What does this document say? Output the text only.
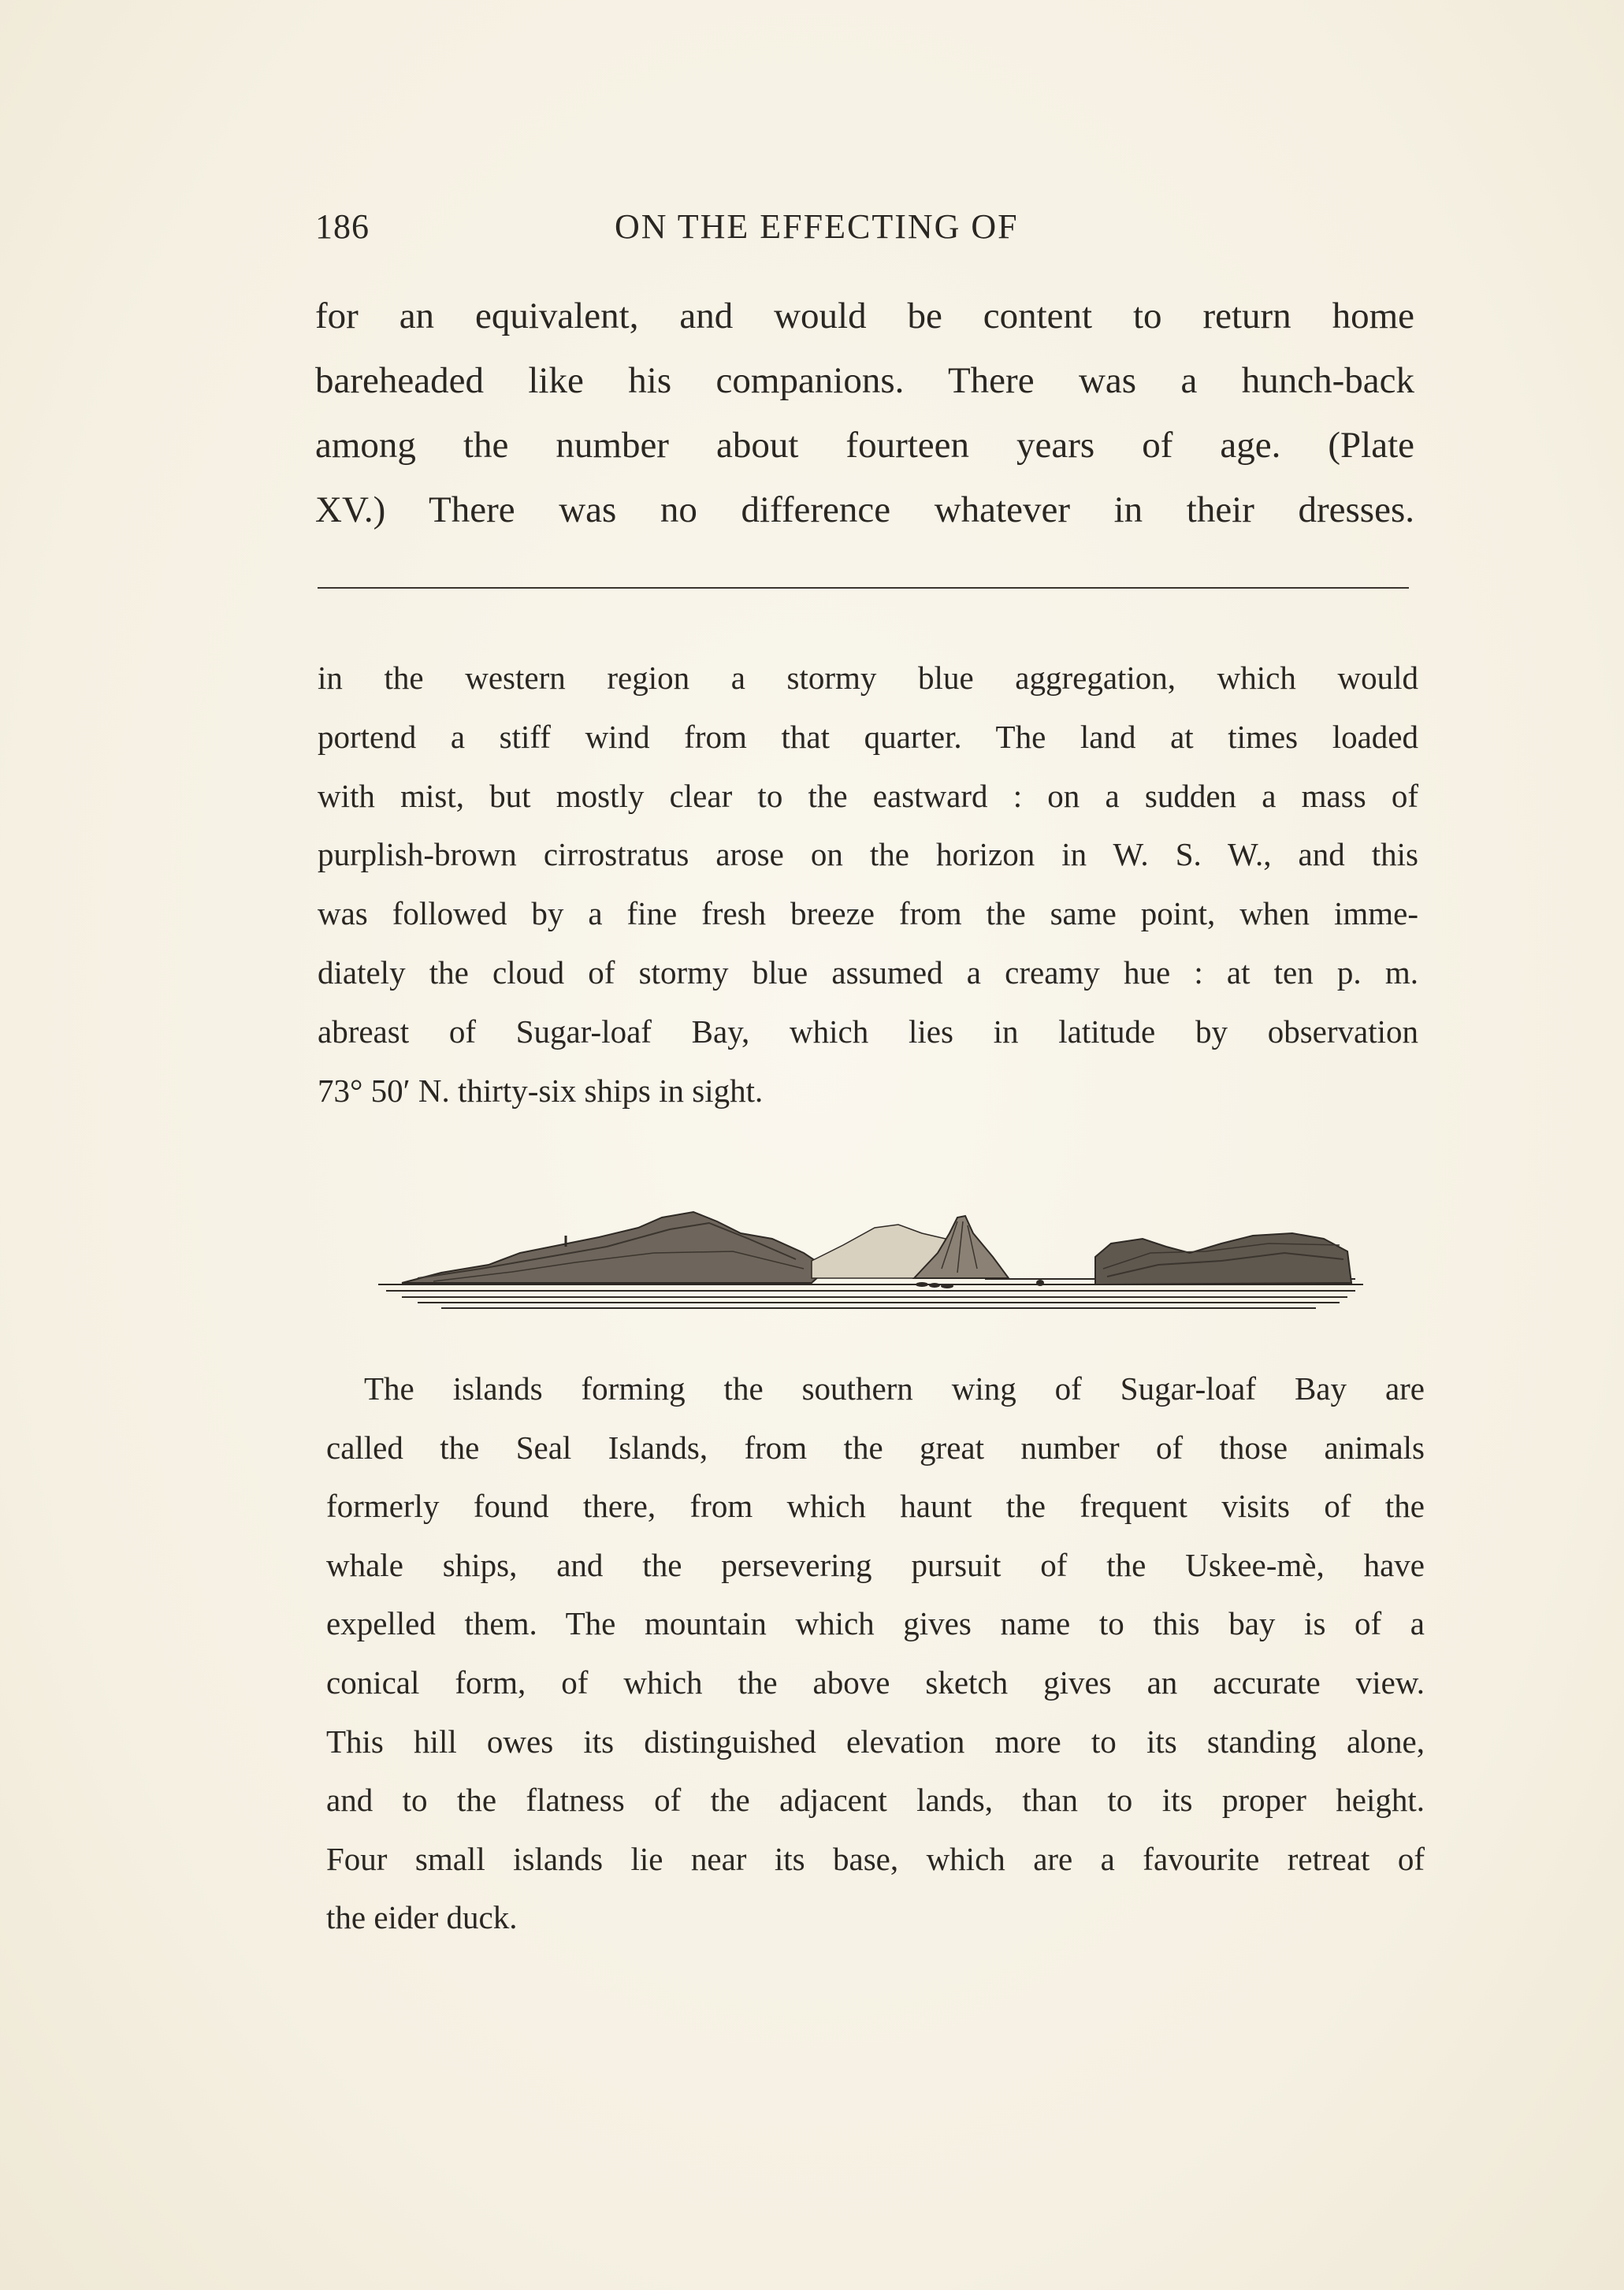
186	ON THE EFFECTING OF
for an equivalent, and would be content to return home
bareheaded like his companions. There was a hunch-back
among the number about fourteen years of age. (Plate
XV.) There was no difference whatever in their dresses.
in the western region a stormy blue aggregation, which would
portend a stiff wind from that quarter. The land at times loaded
with mist, but mostly clear to the eastward : on a sudden a mass of
purplish-brown cirrostratus arose on the horizon in W. S. W., and this
was followed by a fine fresh breeze from the same point, when imme-
diately the cloud of stormy blue assumed a creamy hue : at ten p. m.
abreast of Sugar-loaf Bay, which lies in latitude by observation
73° 50′ N. thirty-six ships in sight.
The islands forming the southern wing of Sugar-loaf Bay are
called the Seal Islands, from the great number of those animals
formerly found there, from which haunt the frequent visits of the
whale ships, and the persevering pursuit of the Uskee-mè, have
expelled them. The mountain which gives name to this bay is of a
conical form, of which the above sketch gives an accurate view.
This hill owes its distinguished elevation more to its standing alone,
and to the flatness of the adjacent lands, than to its proper height.
Four small islands lie near its base, which are a favourite retreat of
the eider duck.
